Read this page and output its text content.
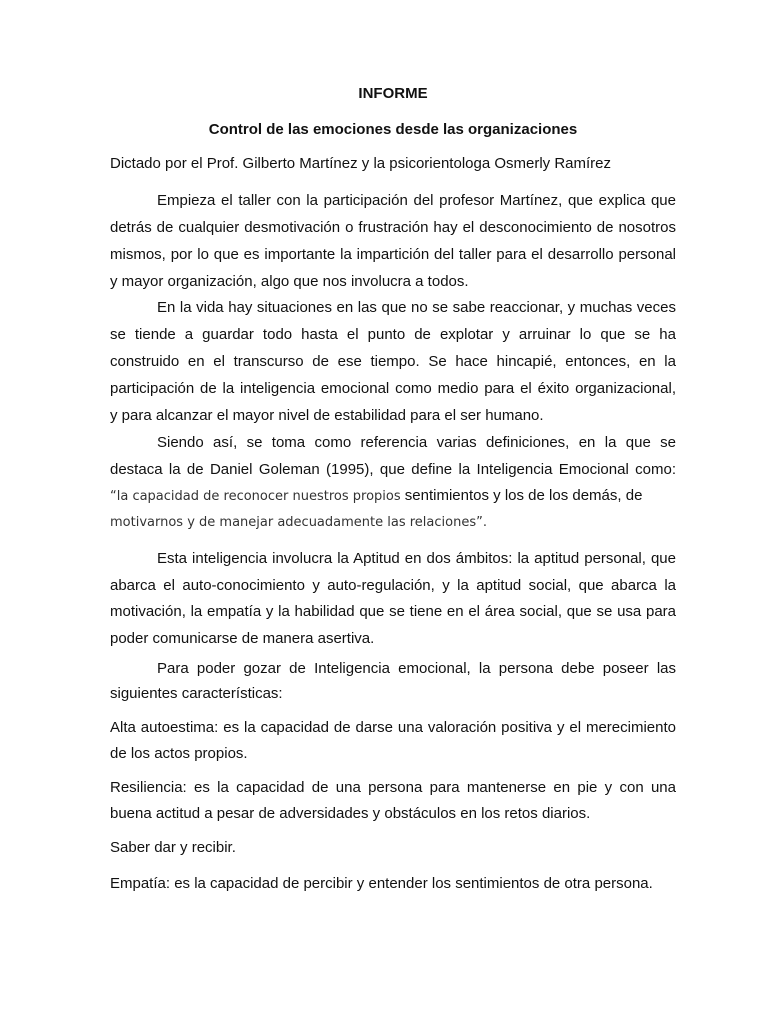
INFORME
Control de las emociones desde las organizaciones
Dictado por el Prof. Gilberto Martínez y la psicorientologa Osmerly Ramírez
Empieza el taller con la participación del profesor Martínez, que explica que
detrás de cualquier desmotivación o frustración hay el desconocimiento de nosotros
mismos, por lo que es importante la impartición del taller para el desarrollo personal
y mayor organización, algo que nos involucra a todos.
En la vida hay situaciones en las que no se sabe reaccionar, y muchas veces
se tiende a guardar todo hasta el punto de explotar y arruinar lo que se ha
construido en el transcurso de ese tiempo. Se hace hincapié, entonces, en la
participación de la inteligencia emocional como medio para el éxito organizacional,
y para alcanzar el mayor nivel de estabilidad para el ser humano.
Siendo así, se toma como referencia varias definiciones, en la que se
destaca la de Daniel Goleman (1995), que define la Inteligencia Emocional como:
“la capacidad de reconocer nuestros propios sentimientos y los de los demás, de
motivarnos y de manejar adecuadamente las relaciones”.
Esta inteligencia involucra la Aptitud en dos ámbitos: la aptitud personal, que
abarca el auto-conocimiento y auto-regulación, y la aptitud social, que abarca la
motivación, la empatía y la habilidad que se tiene en el área social, que se usa para
poder comunicarse de manera asertiva.
Para poder gozar de Inteligencia emocional, la persona debe poseer las
siguientes características:
Alta autoestima: es la capacidad de darse una valoración positiva y el merecimiento
de los actos propios.
Resiliencia: es la capacidad de una persona para mantenerse en pie y con una
buena actitud a pesar de adversidades y obstáculos en los retos diarios.
Saber dar y recibir.
Empatía: es la capacidad de percibir y entender los sentimientos de otra persona.
